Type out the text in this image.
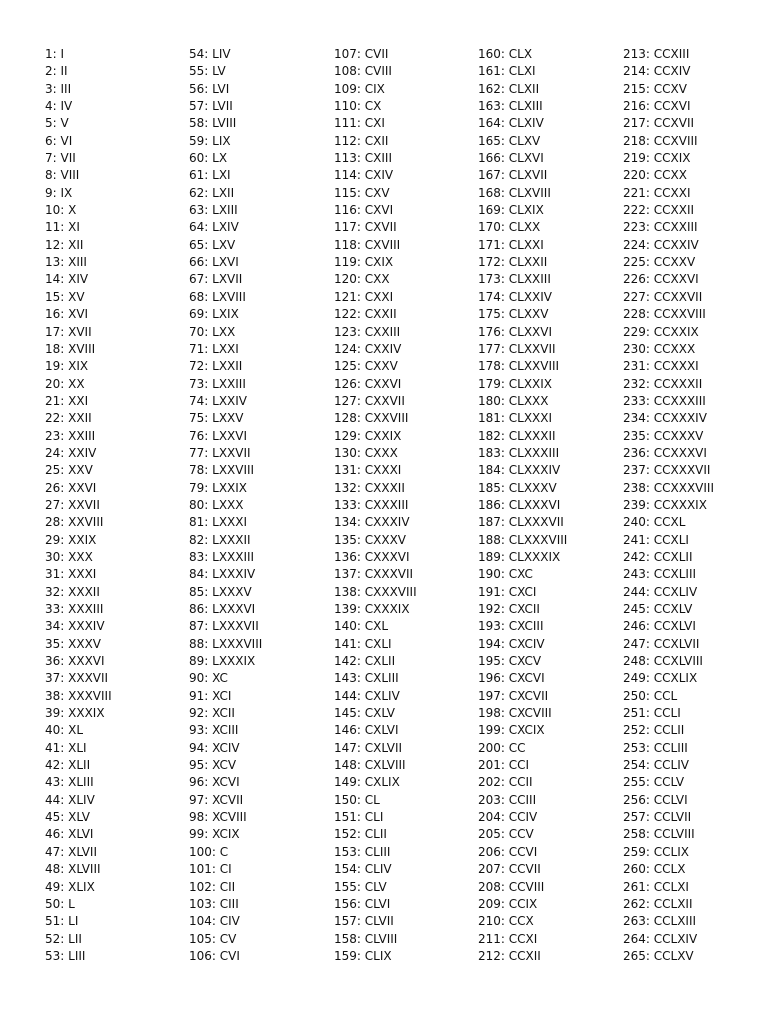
1: I
2: II
3: III
4: IV
5: V
6: VI
7: VII
8: VIII
9: IX
10: X
11: XI
12: XII
13: XIII
14: XIV
15: XV
16: XVI
17: XVII
18: XVIII
19: XIX
20: XX
21: XXI
22: XXII
23: XXIII
24: XXIV
25: XXV
26: XXVI
27: XXVII
28: XXVIII
29: XXIX
30: XXX
31: XXXI
32: XXXII
33: XXXIII
34: XXXIV
35: XXXV
36: XXXVI
37: XXXVII
38: XXXVIII
39: XXXIX
40: XL
41: XLI
42: XLII
43: XLIII
44: XLIV
45: XLV
46: XLVI
47: XLVII
48: XLVIII
49: XLIX
50: L
51: LI
52: LII
53: LIII
54: LIV
55: LV
56: LVI
57: LVII
58: LVIII
59: LIX
60: LX
61: LXI
62: LXII
63: LXIII
64: LXIV
65: LXV
66: LXVI
67: LXVII
68: LXVIII
69: LXIX
70: LXX
71: LXXI
72: LXXII
73: LXXIII
74: LXXIV
75: LXXV
76: LXXVI
77: LXXVII
78: LXXVIII
79: LXXIX
80: LXXX
81: LXXXI
82: LXXXII
83: LXXXIII
84: LXXXIV
85: LXXXV
86: LXXXVI
87: LXXXVII
88: LXXXVIII
89: LXXXIX
90: XC
91: XCI
92: XCII
93: XCIII
94: XCIV
95: XCV
96: XCVI
97: XCVII
98: XCVIII
99: XCIX
100: C
101: CI
102: CII
103: CIII
104: CIV
105: CV
106: CVI
107: CVII
108: CVIII
109: CIX
110: CX
111: CXI
112: CXII
113: CXIII
114: CXIV
115: CXV
116: CXVI
117: CXVII
118: CXVIII
119: CXIX
120: CXX
121: CXXI
122: CXXII
123: CXXIII
124: CXXIV
125: CXXV
126: CXXVI
127: CXXVII
128: CXXVIII
129: CXXIX
130: CXXX
131: CXXXI
132: CXXXII
133: CXXXIII
134: CXXXIV
135: CXXXV
136: CXXXVI
137: CXXXVII
138: CXXXVIII
139: CXXXIX
140: CXL
141: CXLI
142: CXLII
143: CXLIII
144: CXLIV
145: CXLV
146: CXLVI
147: CXLVII
148: CXLVIII
149: CXLIX
150: CL
151: CLI
152: CLII
153: CLIII
154: CLIV
155: CLV
156: CLVI
157: CLVII
158: CLVIII
159: CLIX
160: CLX
161: CLXI
162: CLXII
163: CLXIII
164: CLXIV
165: CLXV
166: CLXVI
167: CLXVII
168: CLXVIII
169: CLXIX
170: CLXX
171: CLXXI
172: CLXXII
173: CLXXIII
174: CLXXIV
175: CLXXV
176: CLXXVI
177: CLXXVII
178: CLXXVIII
179: CLXXIX
180: CLXXX
181: CLXXXI
182: CLXXXII
183: CLXXXIII
184: CLXXXIV
185: CLXXXV
186: CLXXXVI
187: CLXXXVII
188: CLXXXVIII
189: CLXXXIX
190: CXC
191: CXCI
192: CXCII
193: CXCIII
194: CXCIV
195: CXCV
196: CXCVI
197: CXCVII
198: CXCVIII
199: CXCIX
200: CC
201: CCI
202: CCII
203: CCIII
204: CCIV
205: CCV
206: CCVI
207: CCVII
208: CCVIII
209: CCIX
210: CCX
211: CCXI
212: CCXII
213: CCXIII
214: CCXIV
215: CCXV
216: CCXVI
217: CCXVII
218: CCXVIII
219: CCXIX
220: CCXX
221: CCXXI
222: CCXXII
223: CCXXIII
224: CCXXIV
225: CCXXV
226: CCXXVI
227: CCXXVII
228: CCXXVIII
229: CCXXIX
230: CCXXX
231: CCXXXI
232: CCXXXII
233: CCXXXIII
234: CCXXXIV
235: CCXXXV
236: CCXXXVI
237: CCXXXVII
238: CCXXXVIII
239: CCXXXIX
240: CCXL
241: CCXLI
242: CCXLII
243: CCXLIII
244: CCXLIV
245: CCXLV
246: CCXLVI
247: CCXLVII
248: CCXLVIII
249: CCXLIX
250: CCL
251: CCLI
252: CCLII
253: CCLIII
254: CCLIV
255: CCLV
256: CCLVI
257: CCLVII
258: CCLVIII
259: CCLIX
260: CCLX
261: CCLXI
262: CCLXII
263: CCLXIII
264: CCLXIV
265: CCLXV
